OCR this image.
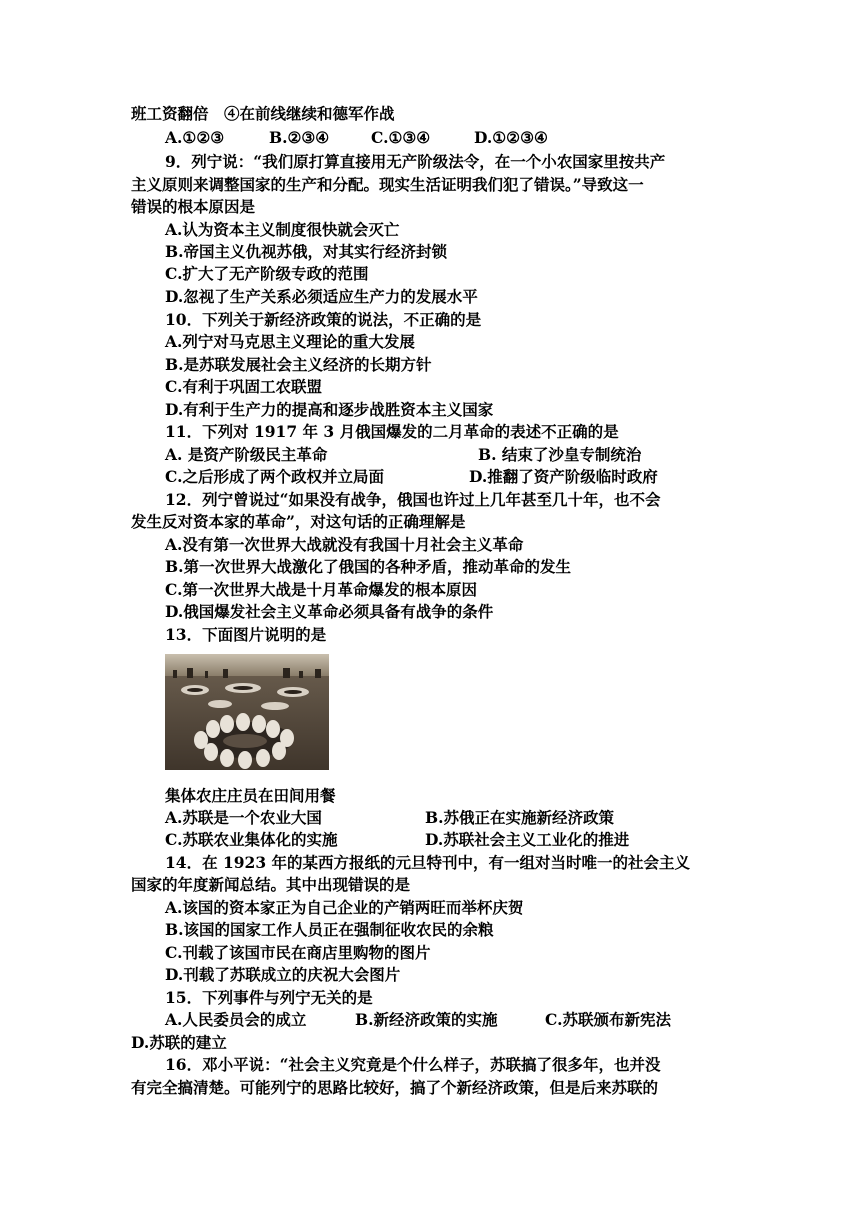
班工资翻倍　④在前线继续和德军作战
A.①②③	B.②③④	C.①③④	D.①②③④
9．列宁说：“我们原打算直接用无产阶级法令，在一个小农国家里按共产
主义原则来调整国家的生产和分配。现实生活证明我们犯了错误。”导致这一
错误的根本原因是
A.认为资本主义制度很快就会灭亡
B.帝国主义仇视苏俄，对其实行经济封锁
C.扩大了无产阶级专政的范围
D.忽视了生产关系必须适应生产力的发展水平
10．下列关于新经济政策的说法，不正确的是
A.列宁对马克思主义理论的重大发展
B.是苏联发展社会主义经济的长期方针
C.有利于巩固工农联盟
D.有利于生产力的提高和逐步战胜资本主义国家
11．下列对 1917 年 3 月俄国爆发的二月革命的表述不正确的是
A. 是资产阶级民主革命	B. 结束了沙皇专制统治
C.之后形成了两个政权并立局面	D.推翻了资产阶级临时政府
12．列宁曾说过“如果没有战争，俄国也许过上几年甚至几十年，也不会
发生反对资本家的革命”，对这句话的正确理解是
A.没有第一次世界大战就没有我国十月社会主义革命
B.第一次世界大战激化了俄国的各种矛盾，推动革命的发生
C.第一次世界大战是十月革命爆发的根本原因
D.俄国爆发社会主义革命必须具备有战争的条件
13．下面图片说明的是
集体农庄庄员在田间用餐
A.苏联是一个农业大国	B.苏俄正在实施新经济政策
C.苏联农业集体化的实施	D.苏联社会主义工业化的推进
14．在 1923 年的某西方报纸的元旦特刊中，有一组对当时唯一的社会主义
国家的年度新闻总结。其中出现错误的是
A.该国的资本家正为自己企业的产销两旺而举杯庆贺
B.该国的国家工作人员正在强制征收农民的余粮
C.刊载了该国市民在商店里购物的图片
D.刊载了苏联成立的庆祝大会图片
15．下列事件与列宁无关的是
A.人民委员会的成立	B.新经济政策的实施	C.苏联颁布新宪法
D.苏联的建立
16．邓小平说：“社会主义究竟是个什么样子，苏联搞了很多年，也并没
有完全搞清楚。可能列宁的思路比较好，搞了个新经济政策，但是后来苏联的
